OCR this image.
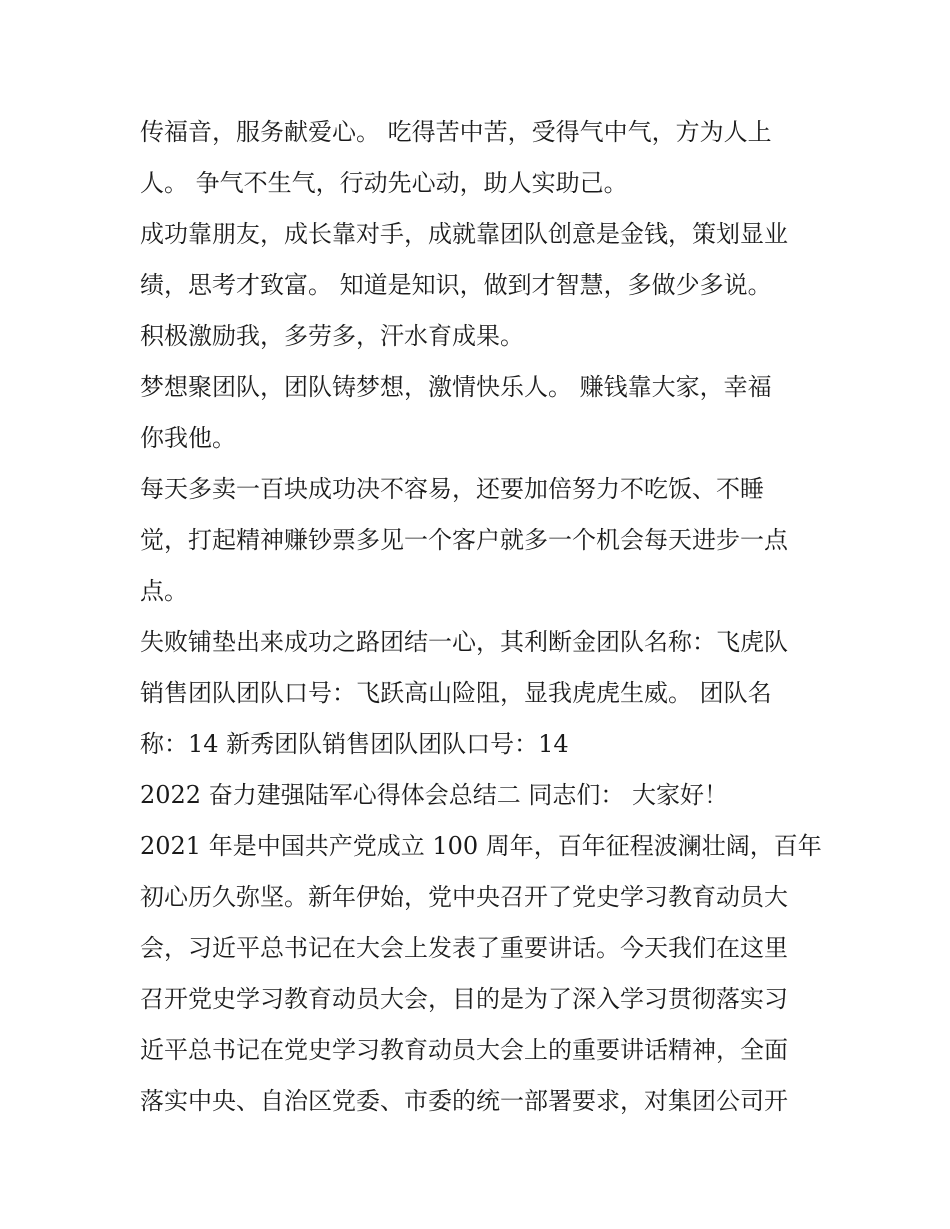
传福音，服务献爱心。 吃得苦中苦，受得气中气，方为人上
人。 争气不生气，行动先心动，助人实助己。
成功靠朋友，成长靠对手，成就靠团队创意是金钱，策划显业
绩，思考才致富。 知道是知识，做到才智慧，多做少多说。
积极激励我，多劳多，汗水育成果。
梦想聚团队，团队铸梦想，激情快乐人。 赚钱靠大家，幸福
你我他。
每天多卖一百块成功决不容易，还要加倍努力不吃饭、不睡
觉，打起精神赚钞票多见一个客户就多一个机会每天进步一点
点。
失败铺垫出来成功之路团结一心，其利断金团队名称：飞虎队
销售团队团队口号：飞跃高山险阻，显我虎虎生威。 团队名
称：14 新秀团队销售团队团队口号：14
2022 奋力建强陆军心得体会总结二 同志们： 大家好！
2021 年是中国共产党成立 100 周年，百年征程波澜壮阔，百年
初心历久弥坚。新年伊始，党中央召开了党史学习教育动员大
会，习近平总书记在大会上发表了重要讲话。今天我们在这里
召开党史学习教育动员大会，目的是为了深入学习贯彻落实习
近平总书记在党史学习教育动员大会上的重要讲话精神，全面
落实中央、自治区党委、市委的统一部署要求，对集团公司开
